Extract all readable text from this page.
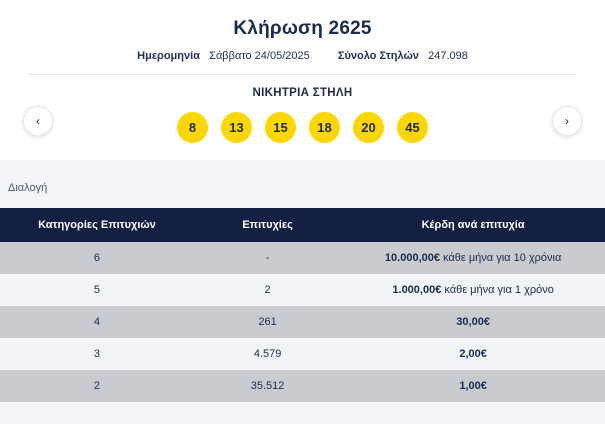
Κλήρωση 2625
Ημερομηνία Σάββατο 24/05/2025	Σύνολο Στηλών 247.098
ΝΙΚΗΤΡΙΑ ΣΤΗΛΗ
8	13	15	18	20	45
‹	›
Διαλογή
Κατηγορίες Επιτυχιών	Επιτυχίες	Κέρδη ανά επιτυχία
6	-	10.000,00€ κάθε μήνα για 10 χρόνια
5	2	1.000,00€ κάθε μήνα για 1 χρόνο
4	261	30,00€
3	4.579	2,00€
2	35.512	1,00€
